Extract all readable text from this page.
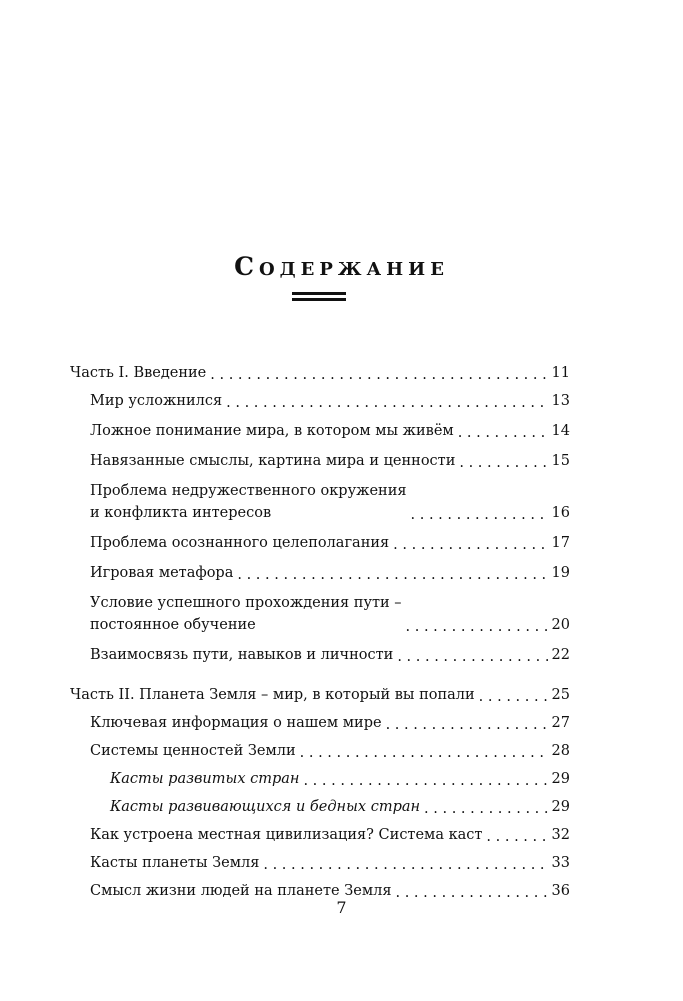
Содержание
Часть I. Введение . . .	11
Мир усложнился . . .	13
Ложное понимание мира, в котором мы живём . . .	14
Навязанные смыслы, картина мира и ценности . . .	15
Проблема недружественного окружения
и конфликта интересов . . .	16
Проблема осознанного целеполагания . . .	17
Игровая метафора . . .	19
Условие успешного прохождения пути –
постоянное обучение . . .	20
Взаимосвязь пути, навыков и личности . . .	22
Часть II. Планета Земля – мир, в который вы попали . . .	25
Ключевая информация о нашем мире . . .	27
Системы ценностей Земли . . .	28
Касты развитых стран . . .	29
Касты развивающихся и бедных стран . . .	29
Как устроена местная цивилизация? Система каст . . .	32
Касты планеты Земля . . .	33
Смысл жизни людей на планете Земля . . .	36
7
